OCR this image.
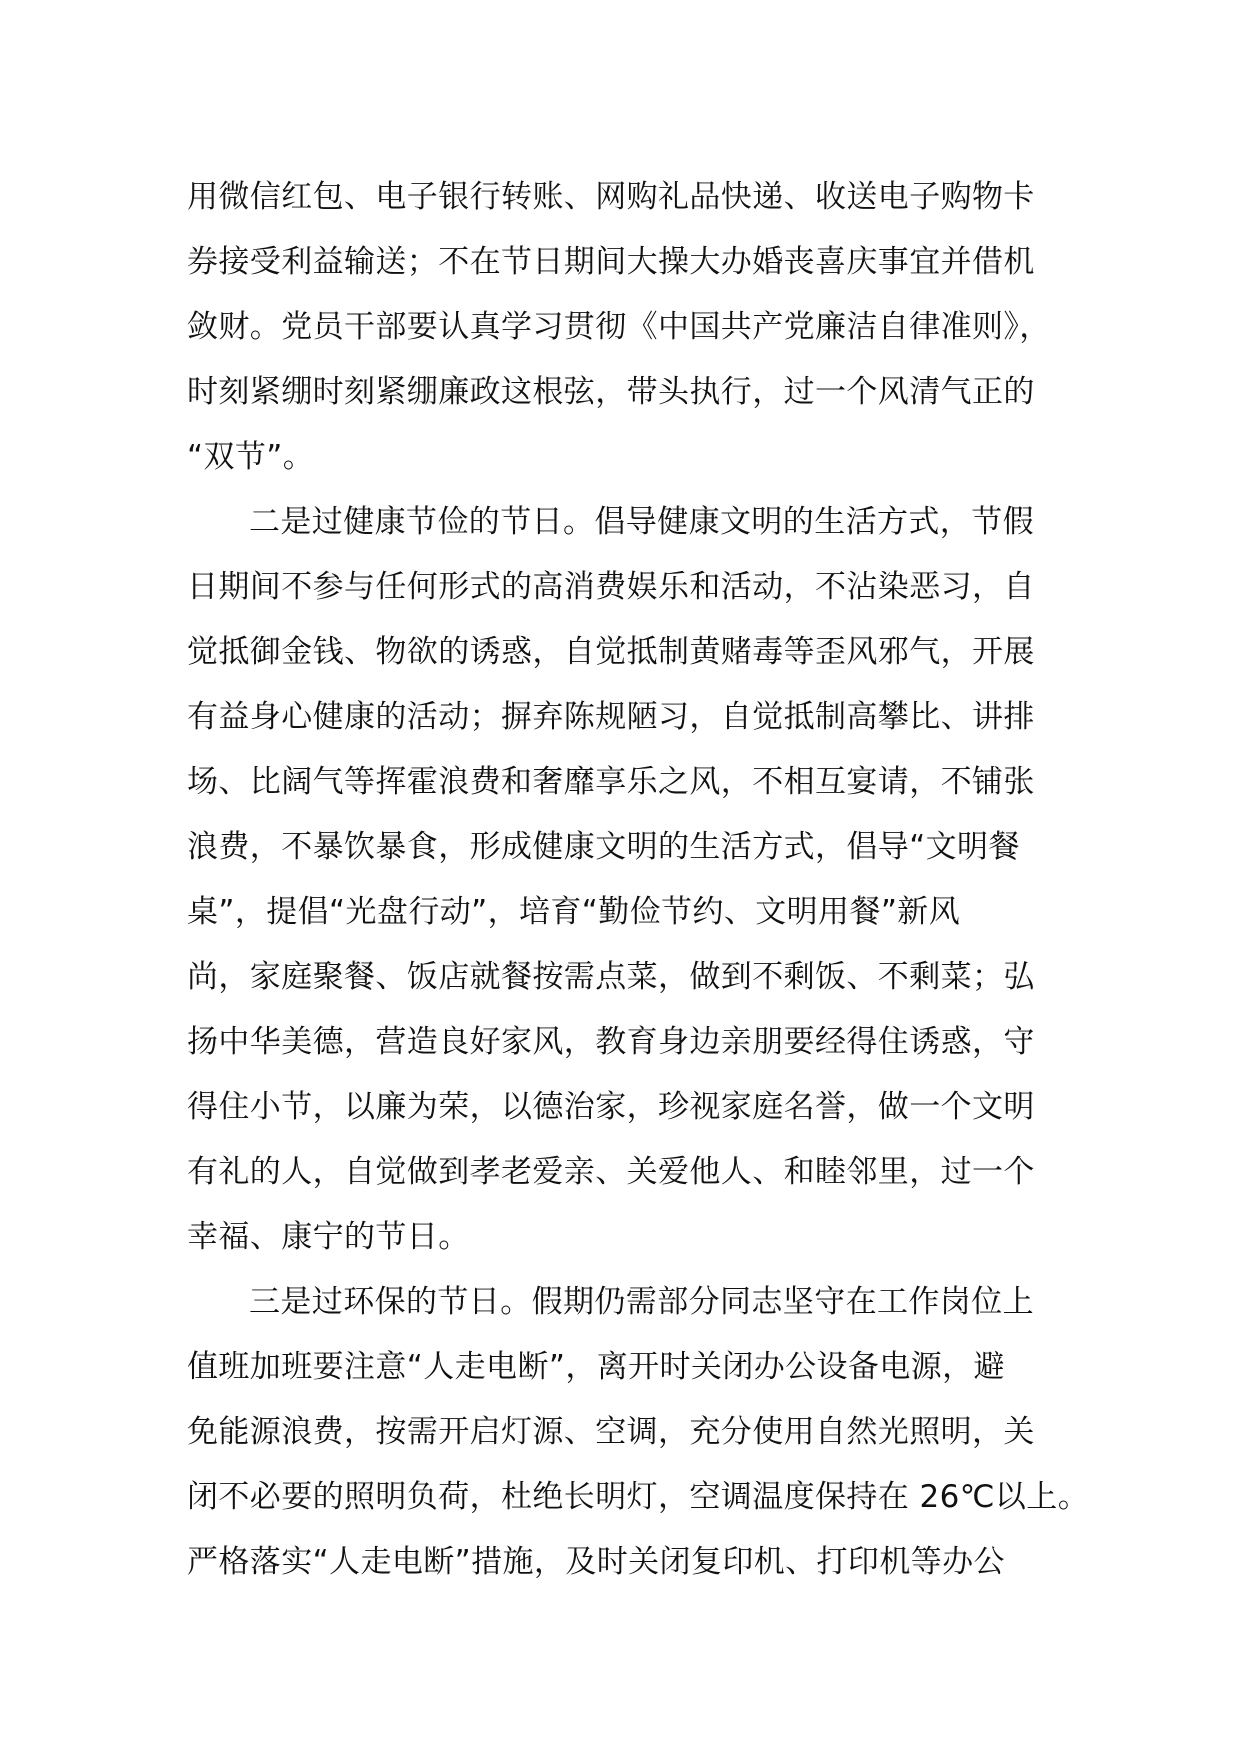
用微信红包、电子银行转账、网购礼品快递、收送电子购物卡
券接受利益输送；不在节日期间大操大办婚丧喜庆事宜并借机
敛财。党员干部要认真学习贯彻《中国共产党廉洁自律准则》，
时刻紧绷时刻紧绷廉政这根弦，带头执行，过一个风清气正的
“双节”。
二是过健康节俭的节日。倡导健康文明的生活方式，节假
日期间不参与任何形式的高消费娱乐和活动，不沾染恶习，自
觉抵御金钱、物欲的诱惑，自觉抵制黄赌毒等歪风邪气，开展
有益身心健康的活动；摒弃陈规陋习，自觉抵制高攀比、讲排
场、比阔气等挥霍浪费和奢靡享乐之风，不相互宴请，不铺张
浪费，不暴饮暴食，形成健康文明的生活方式，倡导“文明餐
桌”，提倡“光盘行动”，培育“勤俭节约、文明用餐”新风
尚，家庭聚餐、饭店就餐按需点菜，做到不剩饭、不剩菜；弘
扬中华美德，营造良好家风，教育身边亲朋要经得住诱惑，守
得住小节，以廉为荣，以德治家，珍视家庭名誉，做一个文明
有礼的人，自觉做到孝老爱亲、关爱他人、和睦邻里，过一个
幸福、康宁的节日。
三是过环保的节日。假期仍需部分同志坚守在工作岗位上
值班加班要注意“人走电断”，离开时关闭办公设备电源，避
免能源浪费，按需开启灯源、空调，充分使用自然光照明，关
闭不必要的照明负荷，杜绝长明灯，空调温度保持在 26℃以上。
严格落实“人走电断”措施，及时关闭复印机、打印机等办公
